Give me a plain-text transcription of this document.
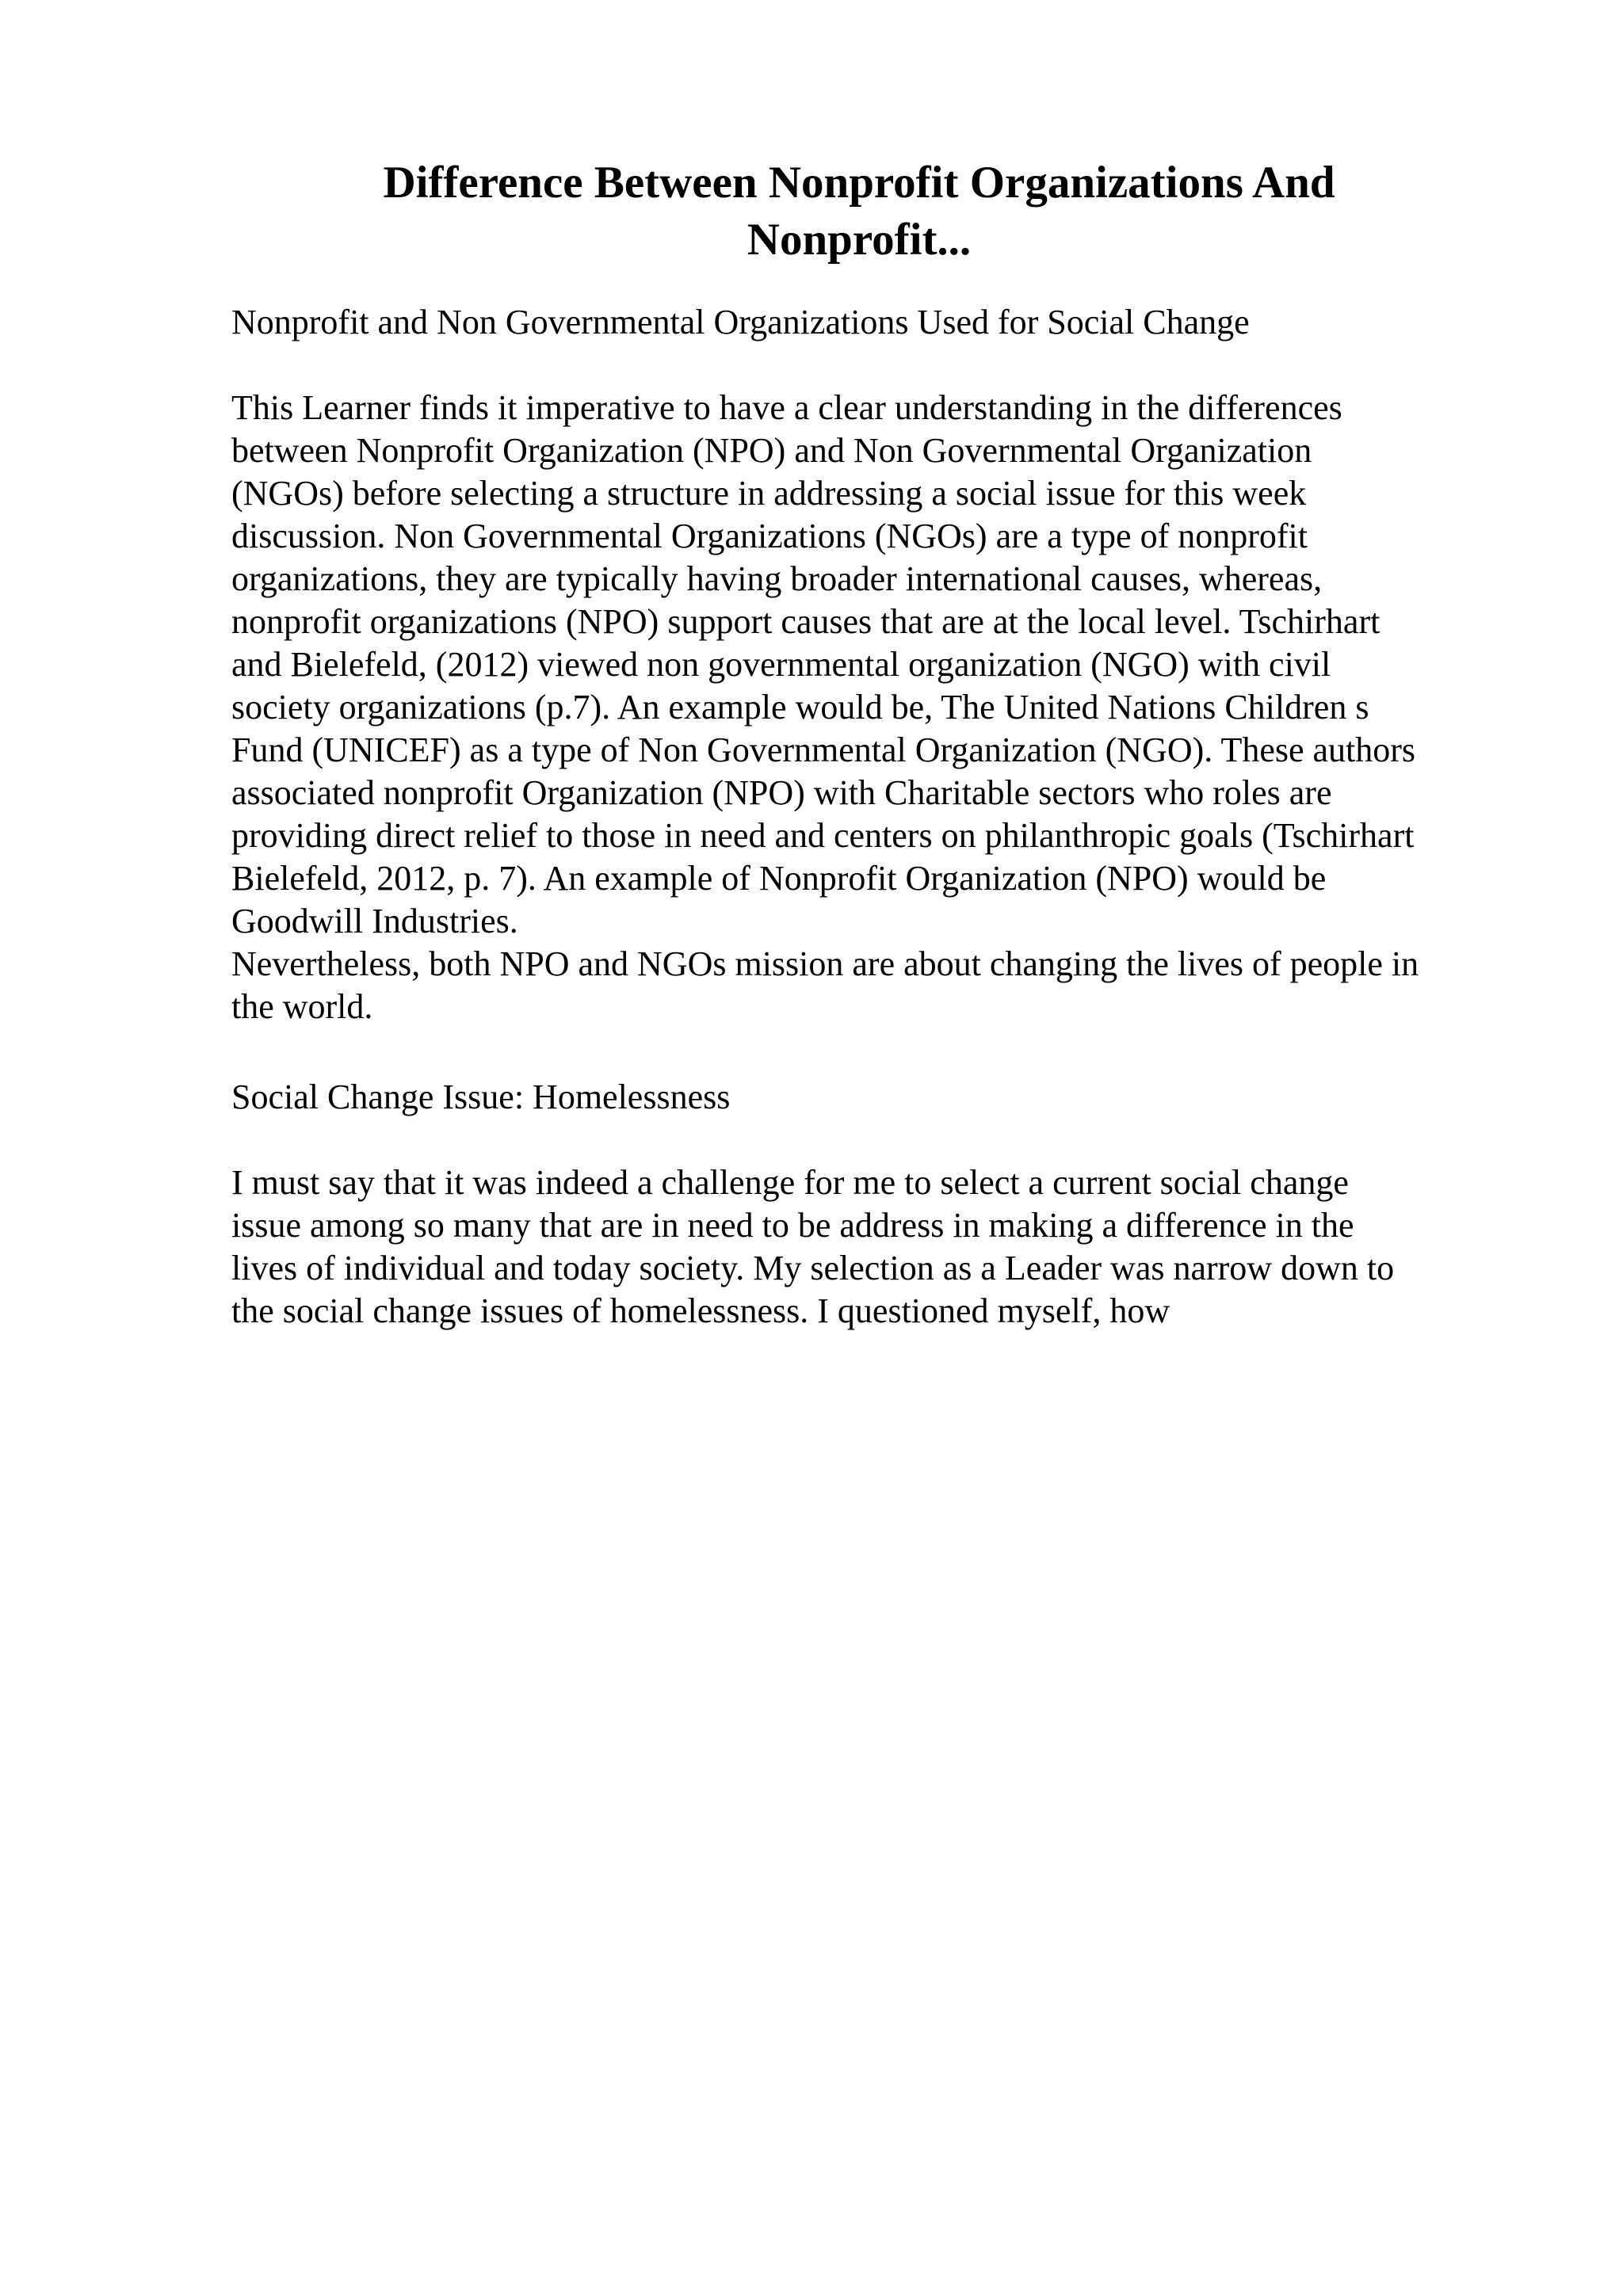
Difference Between Nonprofit Organizations And
Nonprofit...

Nonprofit and Non Governmental Organizations Used for Social Change

This Learner finds it imperative to have a clear understanding in the differences
between Nonprofit Organization (NPO) and Non Governmental Organization
(NGOs) before selecting a structure in addressing a social issue for this week
discussion. Non Governmental Organizations (NGOs) are a type of nonprofit
organizations, they are typically having broader international causes, whereas,
nonprofit organizations (NPO) support causes that are at the local level. Tschirhart
and Bielefeld, (2012) viewed non governmental organization (NGO) with civil
society organizations (p.7). An example would be, The United Nations Children s
Fund (UNICEF) as a type of Non Governmental Organization (NGO). These authors
associated nonprofit Organization (NPO) with Charitable sectors who roles are
providing direct relief to those in need and centers on philanthropic goals (Tschirhart
Bielefeld, 2012, p. 7). An example of Nonprofit Organization (NPO) would be
Goodwill Industries.
Nevertheless, both NPO and NGOs mission are about changing the lives of people in
the world.

Social Change Issue: Homelessness

I must say that it was indeed a challenge for me to select a current social change
issue among so many that are in need to be address in making a difference in the
lives of individual and today society. My selection as a Leader was narrow down to
the social change issues of homelessness. I questioned myself, how
